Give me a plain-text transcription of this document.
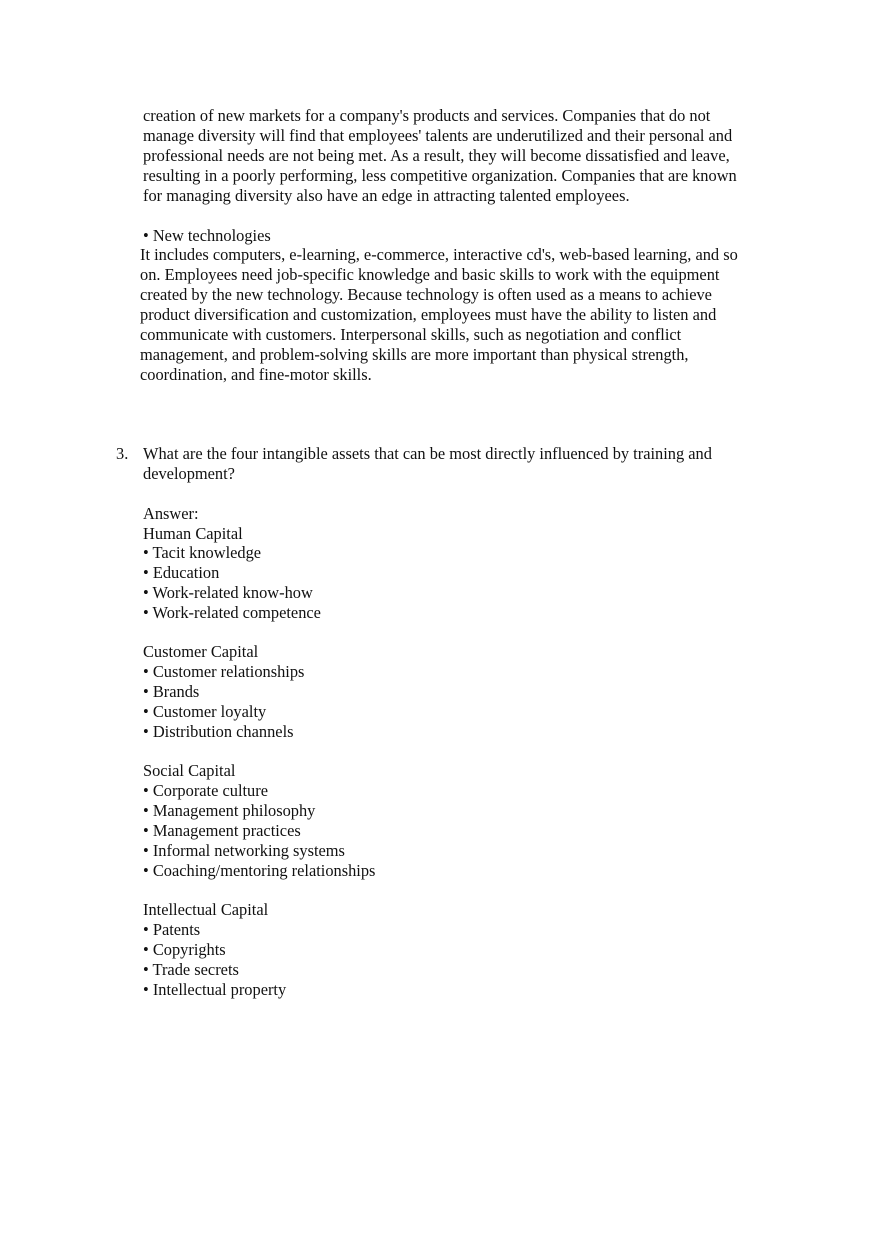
creation of new markets for a company's products and services. Companies that do not

manage diversity will find that employees' talents are underutilized and their personal and

professional needs are not being met. As a result, they will become dissatisfied and leave,

resulting in a poorly performing, less competitive organization. Companies that are known

for managing diversity also have an edge in attracting talented employees.

• New technologies

It includes computers, e-learning, e-commerce, interactive cd's, web-based learning, and so

on. Employees need job-specific knowledge and basic skills to work with the equipment

created by the new technology. Because technology is often used as a means to achieve

product diversification and customization, employees must have the ability to listen and

communicate with customers. Interpersonal skills, such as negotiation and conflict

management, and problem-solving skills are more important than physical strength,

coordination, and fine-motor skills.

3. What are the four intangible assets that can be most directly influenced by training and

development?

Answer:

Human Capital

• Tacit knowledge

• Education

• Work-related know-how

• Work-related competence

Customer Capital

• Customer relationships

• Brands

• Customer loyalty

• Distribution channels

Social Capital

• Corporate culture

• Management philosophy

• Management practices

• Informal networking systems

• Coaching/mentoring relationships

Intellectual Capital

• Patents

• Copyrights

• Trade secrets

• Intellectual property
